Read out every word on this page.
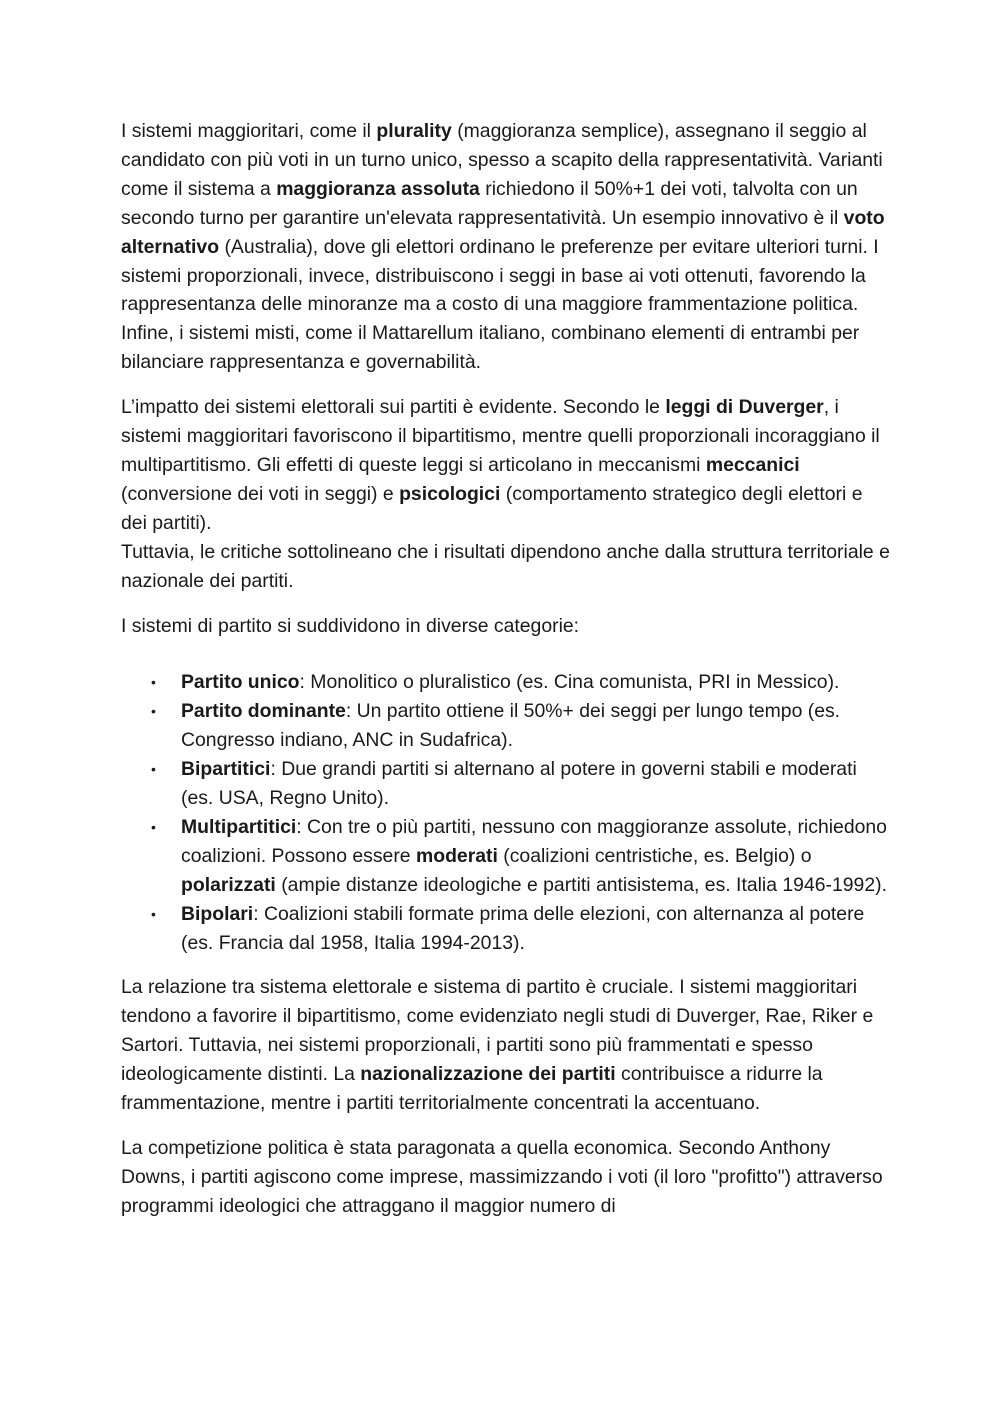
I sistemi maggioritari, come il plurality (maggioranza semplice), assegnano il seggio al candidato con più voti in un turno unico, spesso a scapito della rappresentatività. Varianti come il sistema a maggioranza assoluta richiedono il 50%+1 dei voti, talvolta con un secondo turno per garantire un'elevata rappresentatività. Un esempio innovativo è il voto alternativo (Australia), dove gli elettori ordinano le preferenze per evitare ulteriori turni. I sistemi proporzionali, invece, distribuiscono i seggi in base ai voti ottenuti, favorendo la rappresentanza delle minoranze ma a costo di una maggiore frammentazione politica. Infine, i sistemi misti, come il Mattarellum italiano, combinano elementi di entrambi per bilanciare rappresentanza e governabilità.

L’impatto dei sistemi elettorali sui partiti è evidente. Secondo le leggi di Duverger, i sistemi maggioritari favoriscono il bipartitismo, mentre quelli proporzionali incoraggiano il multipartitismo. Gli effetti di queste leggi si articolano in meccanismi meccanici (conversione dei voti in seggi) e psicologici (comportamento strategico degli elettori e dei partiti).
Tuttavia, le critiche sottolineano che i risultati dipendono anche dalla struttura territoriale e nazionale dei partiti.

I sistemi di partito si suddividono in diverse categorie:

• Partito unico: Monolitico o pluralistico (es. Cina comunista, PRI in Messico).
• Partito dominante: Un partito ottiene il 50%+ dei seggi per lungo tempo (es. Congresso indiano, ANC in Sudafrica).
• Bipartitici: Due grandi partiti si alternano al potere in governi stabili e moderati (es. USA, Regno Unito).
• Multipartitici: Con tre o più partiti, nessuno con maggioranze assolute, richiedono coalizioni. Possono essere moderati (coalizioni centristiche, es. Belgio) o polarizzati (ampie distanze ideologiche e partiti antisistema, es. Italia 1946-1992).
• Bipolari: Coalizioni stabili formate prima delle elezioni, con alternanza al potere (es. Francia dal 1958, Italia 1994-2013).

La relazione tra sistema elettorale e sistema di partito è cruciale. I sistemi maggioritari tendono a favorire il bipartitismo, come evidenziato negli studi di Duverger, Rae, Riker e Sartori. Tuttavia, nei sistemi proporzionali, i partiti sono più frammentati e spesso ideologicamente distinti. La nazionalizzazione dei partiti contribuisce a ridurre la frammentazione, mentre i partiti territorialmente concentrati la accentuano.

La competizione politica è stata paragonata a quella economica. Secondo Anthony Downs, i partiti agiscono come imprese, massimizzando i voti (il loro "profitto") attraverso programmi ideologici che attraggano il maggior numero di
